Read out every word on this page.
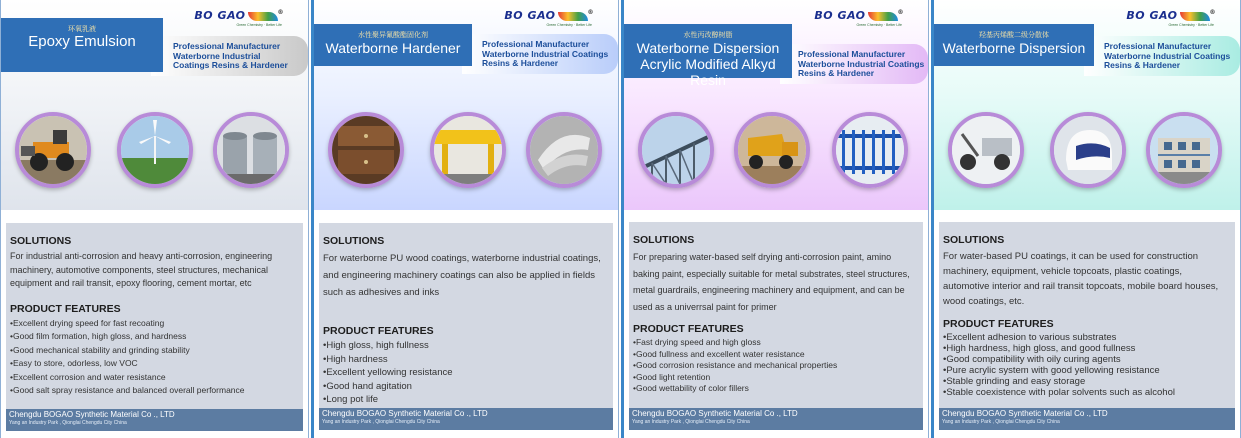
BO GAO	®
Green Chemistry · Better Life
环氧乳液
Epoxy Emulsion	Professional Manufacturer
Waterborne Industrial
Coatings Resins & Hardener
SOLUTIONS
For industrial anti-corrosion and heavy anti-corrosion, engineering machinery, automotive components, steel structures, mechanical equipment and rail transit, epoxy flooring, cement mortar, etc
PRODUCT FEATURES
• Excellent drying speed for fast recoating
• Good film formation, high gloss, and hardness
• Good mechanical stability and grinding stability
• Easy to store, odorless, low VOC
• Excellent corrosion and water resistance
• Good salt spray resistance and balanced overall performance
Chengdu BOGAO Synthetic Material Co ., LTD
Yang an Industry Park , Qionglai Chengdu City China
BO GAO	®
Green Chemistry · Better Life
水性聚异氰酸酯固化剂
Waterborne Hardener	Professional Manufacturer
Waterborne Industrial Coatings
Resins & Hardener
SOLUTIONS
For waterborne PU wood coatings, waterborne industrial coatings, and engineering machinery coatings can also be applied in fields such as adhesives and inks
PRODUCT FEATURES
• High gloss, high fullness
• High hardness
• Excellent yellowing resistance
• Good hand agitation
• Long pot life
Chengdu BOGAO Synthetic Material Co ., LTD
Yang an Industry Park , Qionglai Chengdu City China
BO GAO	®
Green Chemistry · Better Life
水性丙改醇树脂
Waterborne Dispersion
Acrylic Modified Alkyd Resin
Professional Manufacturer
Waterborne Industrial Coatings
Resins & Hardener
SOLUTIONS
For preparing water-based self drying anti-corrosion paint, amino baking paint, especially suitable for metal substrates, steel structures, metal guardrails, engineering machinery and equipment, and can be used as a univerrsal paint for primer
PRODUCT FEATURES
• Fast drying speed and high gloss
• Good fullness and excellent water resistance
• Good corrosion resistance and mechanical properties
• Good light retention
• Good wettability of color fillers
Chengdu BOGAO Synthetic Material Co ., LTD
Yang an Industry Park , Qionglai Chengdu City China
BO GAO	®
Green Chemistry · Better Life
羟基丙烯酸二级分散体
Waterborne Dispersion	Professional Manufacturer
Waterborne Industrial Coatings
Resins & Hardener
SOLUTIONS
For water-based PU coatings, it can be used for construction machinery, equipment, vehicle topcoats, plastic coatings, automotive interior and rail transit topcoats, mobile board houses, wood coatings, etc.
PRODUCT FEATURES
• Excellent adhesion to various substrates
• High hardness, high gloss, and good fullness
• Good compatibility with oily curing agents
• Pure acrylic system with good yellowing resistance
• Stable grinding and easy storage
• Stable coexistence with polar solvents such as alcohol
Chengdu BOGAO Synthetic Material Co ., LTD
Yang an Industry Park , Qionglai Chengdu City China
